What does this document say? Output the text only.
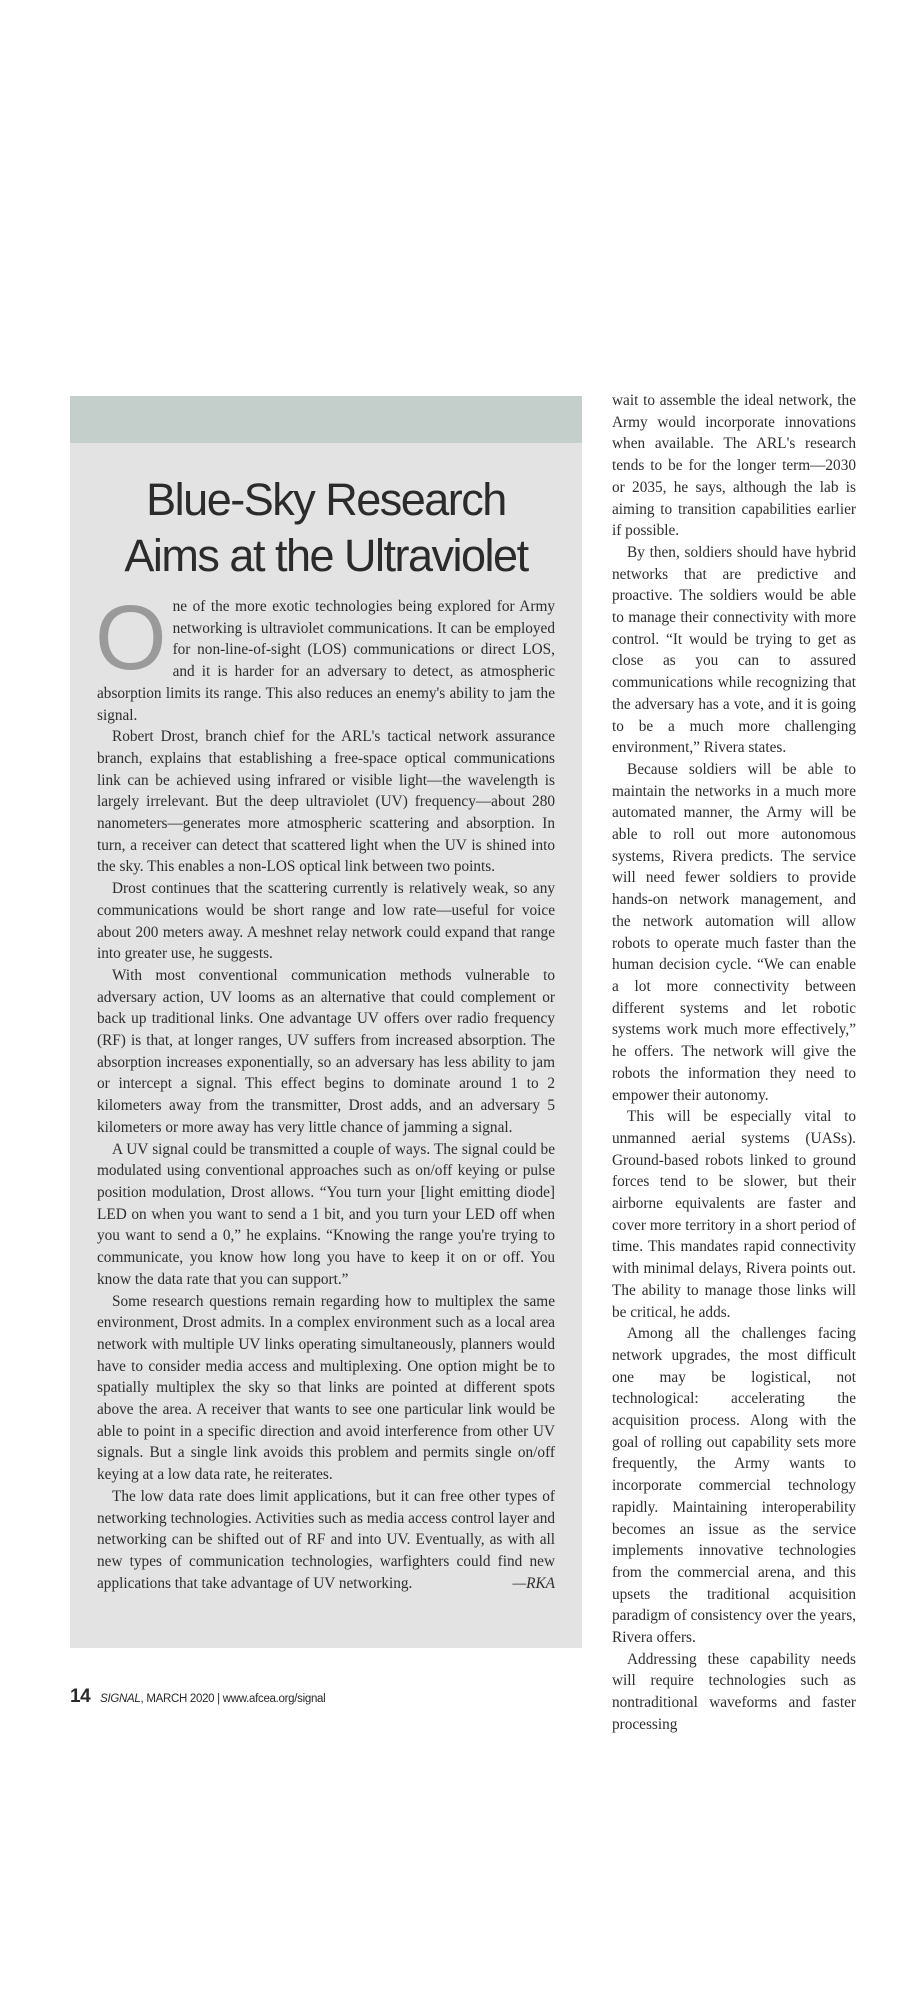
Blue-Sky Research
Aims at the Ultraviolet

One of the more exotic technologies being explored for Army networking is ultraviolet communications. It can be employed for non-line-of-sight (LOS) communications or direct LOS, and it is harder for an adversary to detect, as atmospheric absorption limits its range. This also reduces an enemy's ability to jam the signal.

Robert Drost, branch chief for the ARL's tactical network assurance branch, explains that establishing a free-space optical communications link can be achieved using infrared or visible light—the wavelength is largely irrelevant. But the deep ultraviolet (UV) frequency—about 280 nanometers—generates more atmospheric scattering and absorption. In turn, a receiver can detect that scattered light when the UV is shined into the sky. This enables a non-LOS optical link between two points.

Drost continues that the scattering currently is relatively weak, so any communications would be short range and low rate—useful for voice about 200 meters away. A meshnet relay network could expand that range into greater use, he suggests.

With most conventional communication methods vulnerable to adversary action, UV looms as an alternative that could complement or back up traditional links. One advantage UV offers over radio frequency (RF) is that, at longer ranges, UV suffers from increased absorption. The absorption increases exponentially, so an adversary has less ability to jam or intercept a signal. This effect begins to dominate around 1 to 2 kilometers away from the transmitter, Drost adds, and an adversary 5 kilometers or more away has very little chance of jamming a signal.

A UV signal could be transmitted a couple of ways. The signal could be modulated using conventional approaches such as on/off keying or pulse position modulation, Drost allows. “You turn your [light emitting diode] LED on when you want to send a 1 bit, and you turn your LED off when you want to send a 0,” he explains. “Knowing the range you're trying to communicate, you know how long you have to keep it on or off. You know the data rate that you can support.”

Some research questions remain regarding how to multiplex the same environment, Drost admits. In a complex environment such as a local area network with multiple UV links operating simultaneously, planners would have to consider media access and multiplexing. One option might be to spatially multiplex the sky so that links are pointed at different spots above the area. A receiver that wants to see one particular link would be able to point in a specific direction and avoid interference from other UV signals. But a single link avoids this problem and permits single on/off keying at a low data rate, he reiterates.

The low data rate does limit applications, but it can free other types of networking technologies. Activities such as media access control layer and networking can be shifted out of RF and into UV. Eventually, as with all new types of communication technologies, warfighters could find new applications that take advantage of UV networking.	—RKA

wait to assemble the ideal network, the Army would incorporate innovations when available. The ARL's research tends to be for the longer term—2030 or 2035, he says, although the lab is aiming to transition capabilities earlier if possible.

By then, soldiers should have hybrid networks that are predictive and proactive. The soldiers would be able to manage their connectivity with more control. “It would be trying to get as close as you can to assured communications while recognizing that the adversary has a vote, and it is going to be a much more challenging environment,” Rivera states.

Because soldiers will be able to maintain the networks in a much more automated manner, the Army will be able to roll out more autonomous systems, Rivera predicts. The service will need fewer soldiers to provide hands-on network management, and the network automation will allow robots to operate much faster than the human decision cycle. “We can enable a lot more connectivity between different systems and let robotic systems work much more effectively,” he offers. The network will give the robots the information they need to empower their autonomy.

This will be especially vital to unmanned aerial systems (UASs). Ground-based robots linked to ground forces tend to be slower, but their airborne equivalents are faster and cover more territory in a short period of time. This mandates rapid connectivity with minimal delays, Rivera points out. The ability to manage those links will be critical, he adds.

Among all the challenges facing network upgrades, the most difficult one may be logistical, not technological: accelerating the acquisition process. Along with the goal of rolling out capability sets more frequently, the Army wants to incorporate commercial technology rapidly. Maintaining interoperability becomes an issue as the service implements innovative technologies from the commercial arena, and this upsets the traditional acquisition paradigm of consistency over the years, Rivera offers.

Addressing these capability needs will require technologies such as nontraditional waveforms and faster processing

14 SIGNAL, MARCH 2020 | www.afcea.org/signal
